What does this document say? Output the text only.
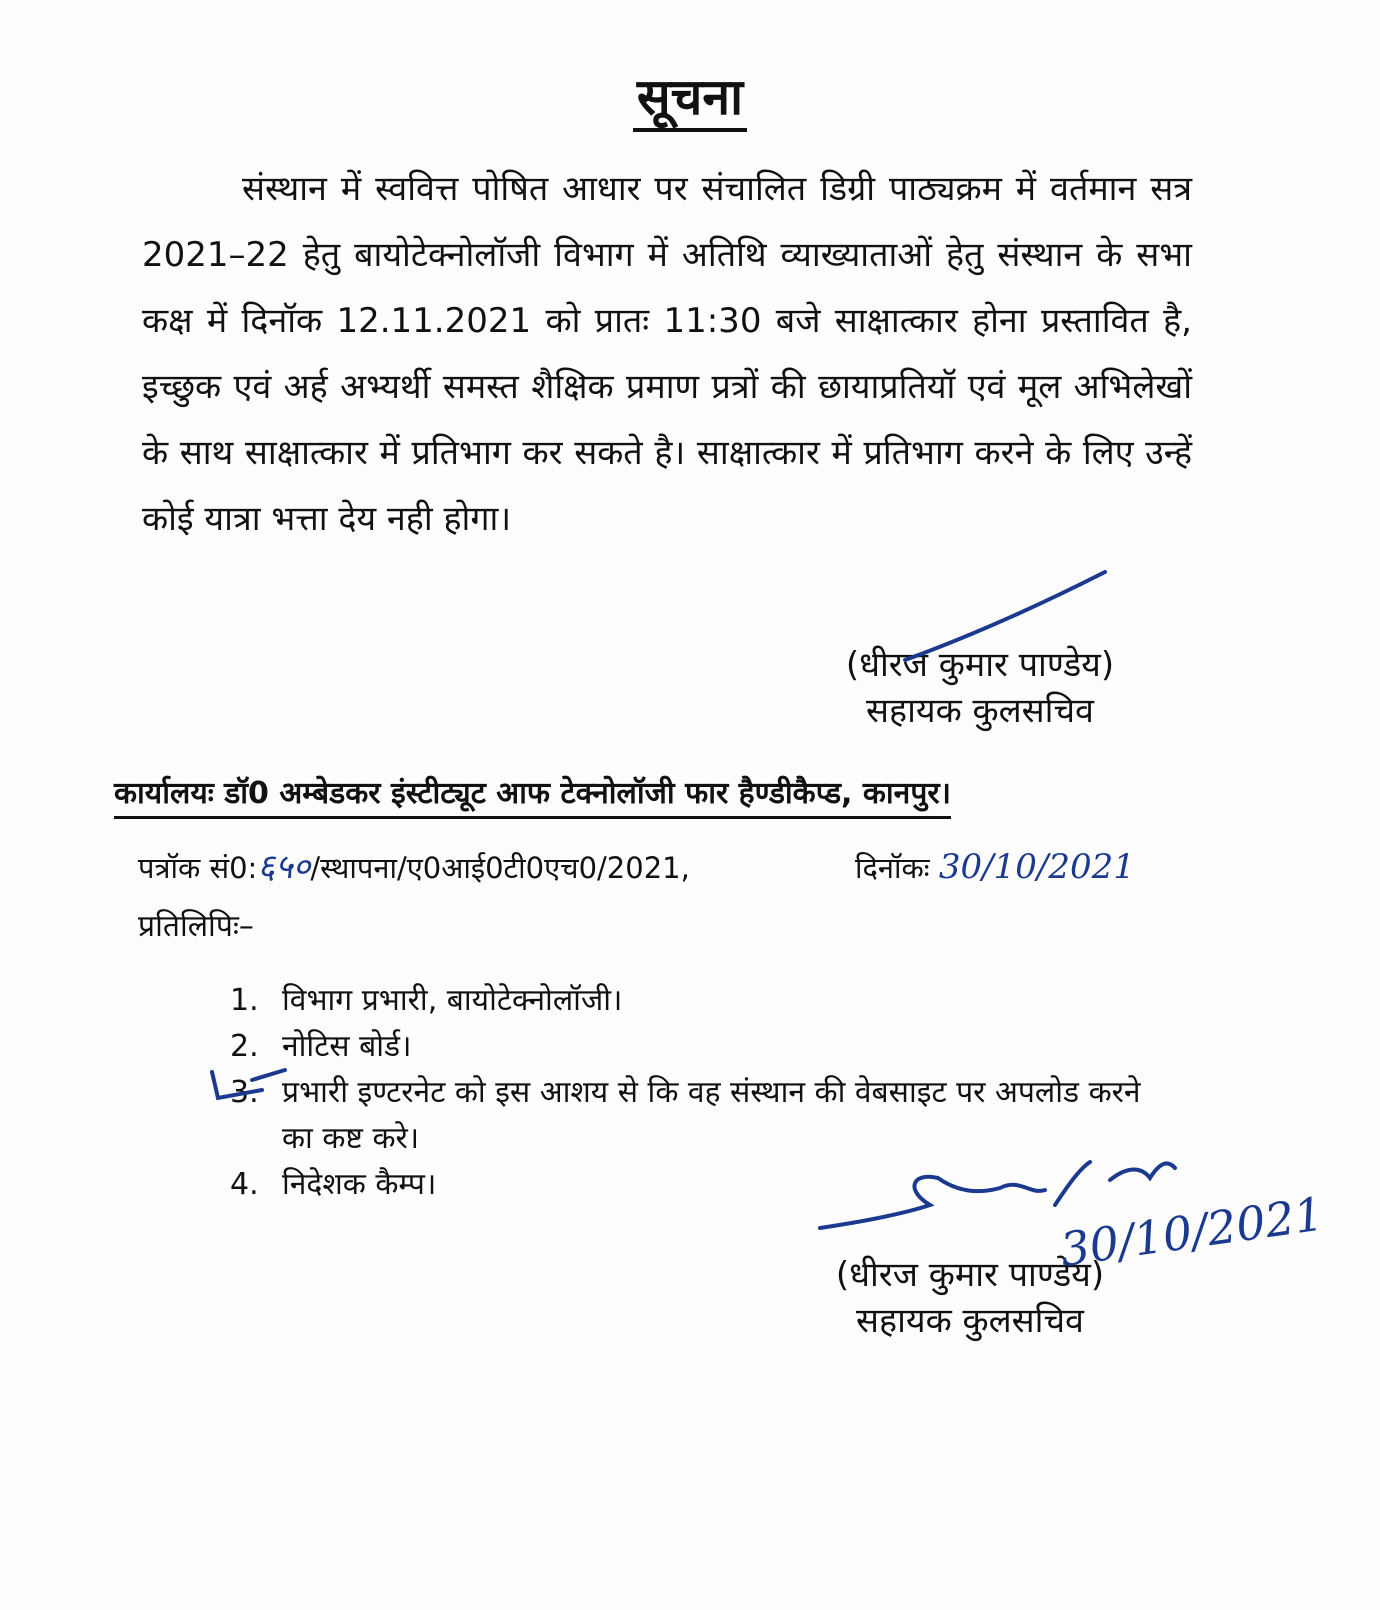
सूचना
संस्थान में स्ववित्त पोषित आधार पर संचालित डिग्री पाठ्यक्रम में वर्तमान सत्र 2021–22 हेतु बायोटेक्नोलॉजी विभाग में अतिथि व्याख्याताओं हेतु संस्थान के सभा कक्ष में दिनॉक 12.11.2021 को प्रातः 11:30 बजे साक्षात्कार होना प्रस्तावित है, इच्छुक एवं अर्ह अभ्यर्थी समस्त शैक्षिक प्रमाण प्रत्रों की छायाप्रतियॉ एवं मूल अभिलेखों के साथ साक्षात्कार में प्रतिभाग कर सकते है। साक्षात्कार में प्रतिभाग करने के लिए उन्हें कोई यात्रा भत्ता देय नही होगा।
(धीरज कुमार पाण्डेय)
सहायक कुलसचिव
कार्यालयः डॉ0 अम्बेडकर इंस्टीट्यूट आफ टेक्नोलॉजी फार हैण्डीकैप्ड, कानपुर।
पत्रॉक सं0:६५०/स्थापना/ए0आई0टी0एच0/2021,	दिनॉकः 30/10/2021
प्रतिलिपिः–
1. विभाग प्रभारी, बायोटेक्नोलॉजी।
2. नोटिस बोर्ड।
3. प्रभारी इण्टरनेट को इस आशय से कि वह संस्थान की वेबसाइट पर अपलोड करने का कष्ट करे।
4. निदेशक कैम्प।
(धीरज कुमार पाण्डेय)
सहायक कुलसचिव
30/10/2021
